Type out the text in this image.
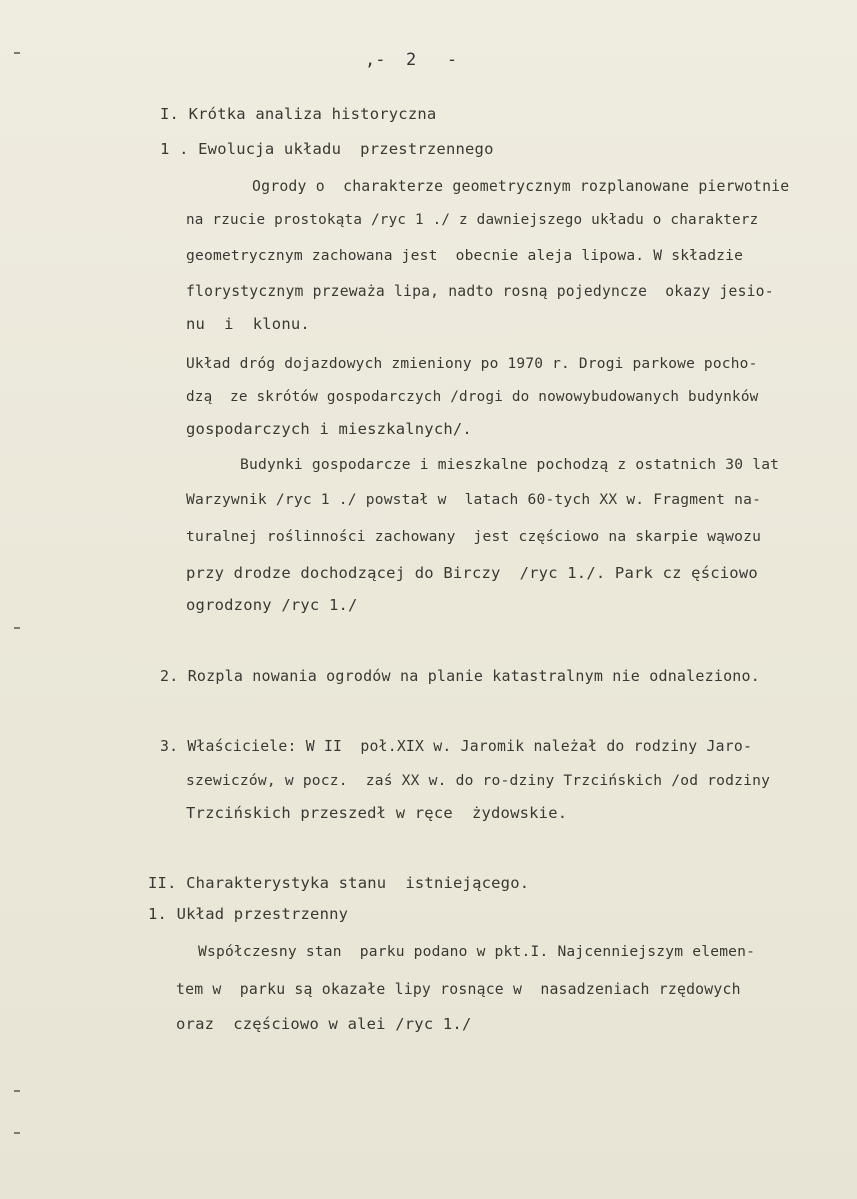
,-  2   -
I. Krótka analiza historyczna
1 . Ewolucja układu  przestrzennego
Ogrody o  charakterze geometrycznym rozplanowane pierwotnie
na rzucie prostokąta /ryc 1 ./ z dawniejszego układu o charakterz
geometrycznym zachowana jest  obecnie aleja lipowa. W składzie
florystycznym przeważa lipa, nadto rosną pojedyncze  okazy jesio-
nu  i  klonu.
Układ dróg dojazdowych zmieniony po 1970 r. Drogi parkowe pocho-
dzą  ze skrótów gospodarczych /drogi do nowowybudowanych budynków
gospodarczych i mieszkalnych/.
Budynki gospodarcze i mieszkalne pochodzą z ostatnich 30 lat
Warzywnik /ryc 1 ./ powstał w  latach 60-tych XX w. Fragment na-
turalnej roślinności zachowany  jest częściowo na skarpie wąwozu
przy drodze dochodzącej do Birczy  /ryc 1./. Park cz ęściowo
ogrodzony /ryc 1./
2. Rozpla nowania ogrodów na planie katastralnym nie odnaleziono.
3. Właściciele: W II  poł.XIX w. Jaromik należał do rodziny Jaro-
szewiczów, w pocz.  zaś XX w. do ro-dziny Trzcińskich /od rodziny
Trzcińskich przeszedł w ręce  żydowskie.
II. Charakterystyka stanu  istniejącego.
1. Układ przestrzenny
Współczesny stan  parku podano w pkt.I. Najcenniejszym elemen-
tem w  parku są okazałe lipy rosnące w  nasadzeniach rzędowych
oraz  częściowo w alei /ryc 1./
